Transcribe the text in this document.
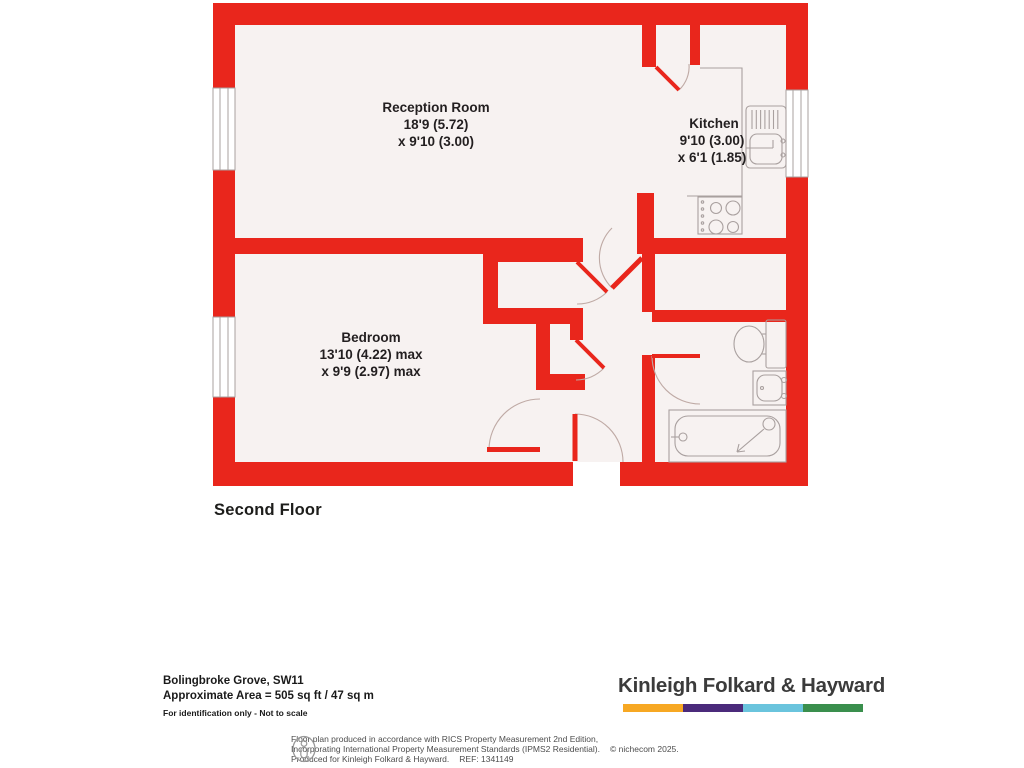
Reception Room
18'9 (5.72)
x 9'10 (3.00)
Kitchen
9'10 (3.00)
x 6'1 (1.85)
Bedroom
13'10 (4.22) max
x 9'9 (2.97) max
Second Floor
Bolingbroke Grove, SW11
Approximate Area = 505 sq ft / 47 sq m
For identification only - Not to scale
Kinleigh Folkard & Hayward
Floor plan produced in accordance with RICS Property Measurement 2nd Edition,
Incorporating International Property Measurement Standards (IPMS2 Residential). © nichecom 2025.
Produced for Kinleigh Folkard & Hayward. REF: 1341149
